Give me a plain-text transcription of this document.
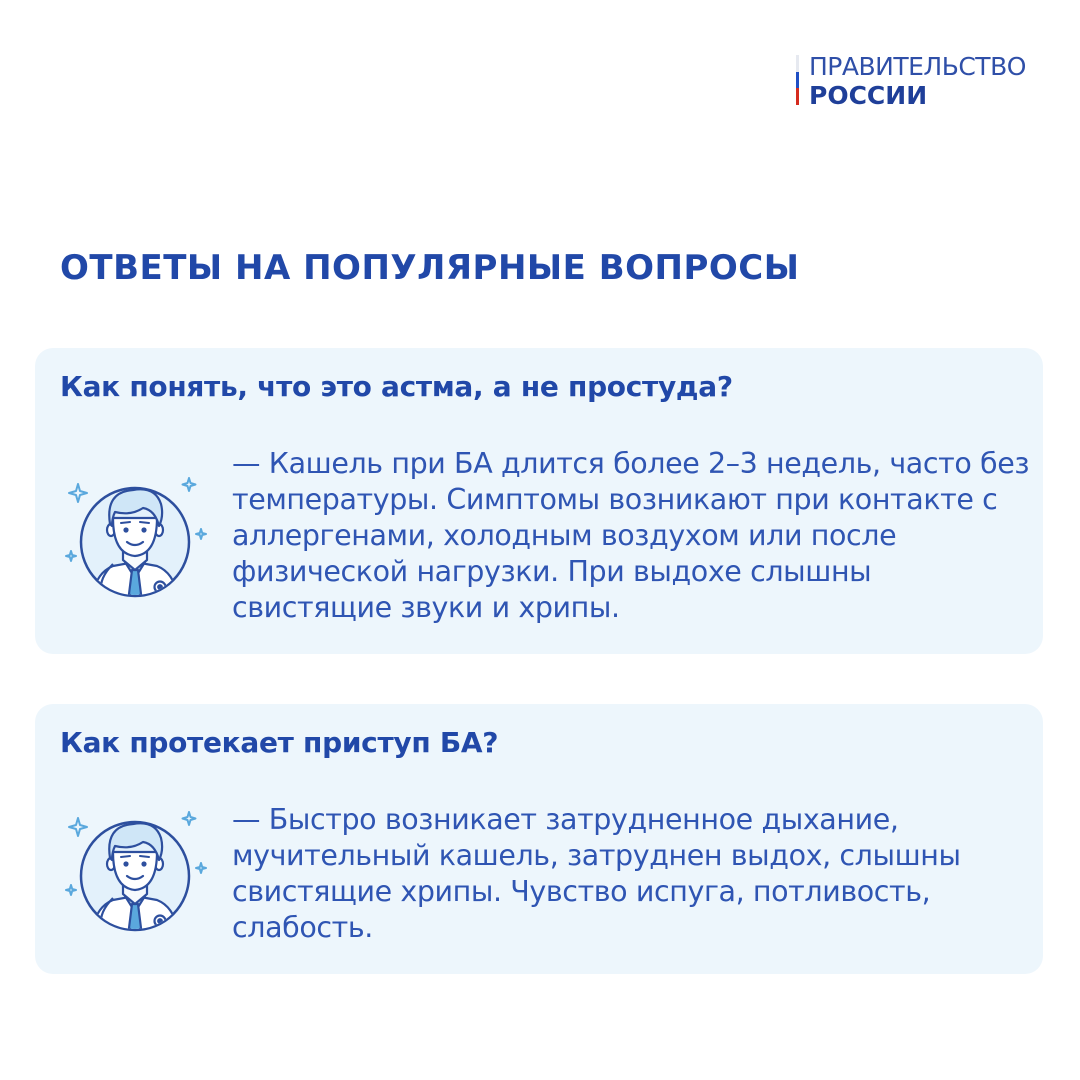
ПРАВИТЕЛЬСТВО
РОССИИ
ОТВЕТЫ НА ПОПУЛЯРНЫЕ ВОПРОСЫ
Как понять, что это астма, а не простуда?

— Кашель при БА длится более 2–3 недель, часто без температуры. Симптомы возникают при контакте с аллергенами, холодным воздухом или после физической нагрузки. При выдохе слышны свистящие звуки и хрипы.

Как протекает приступ БА?

— Быстро возникает затрудненное дыхание, мучительный кашель, затруднен выдох, слышны свистящие хрипы. Чувство испуга, потливость, слабость.
